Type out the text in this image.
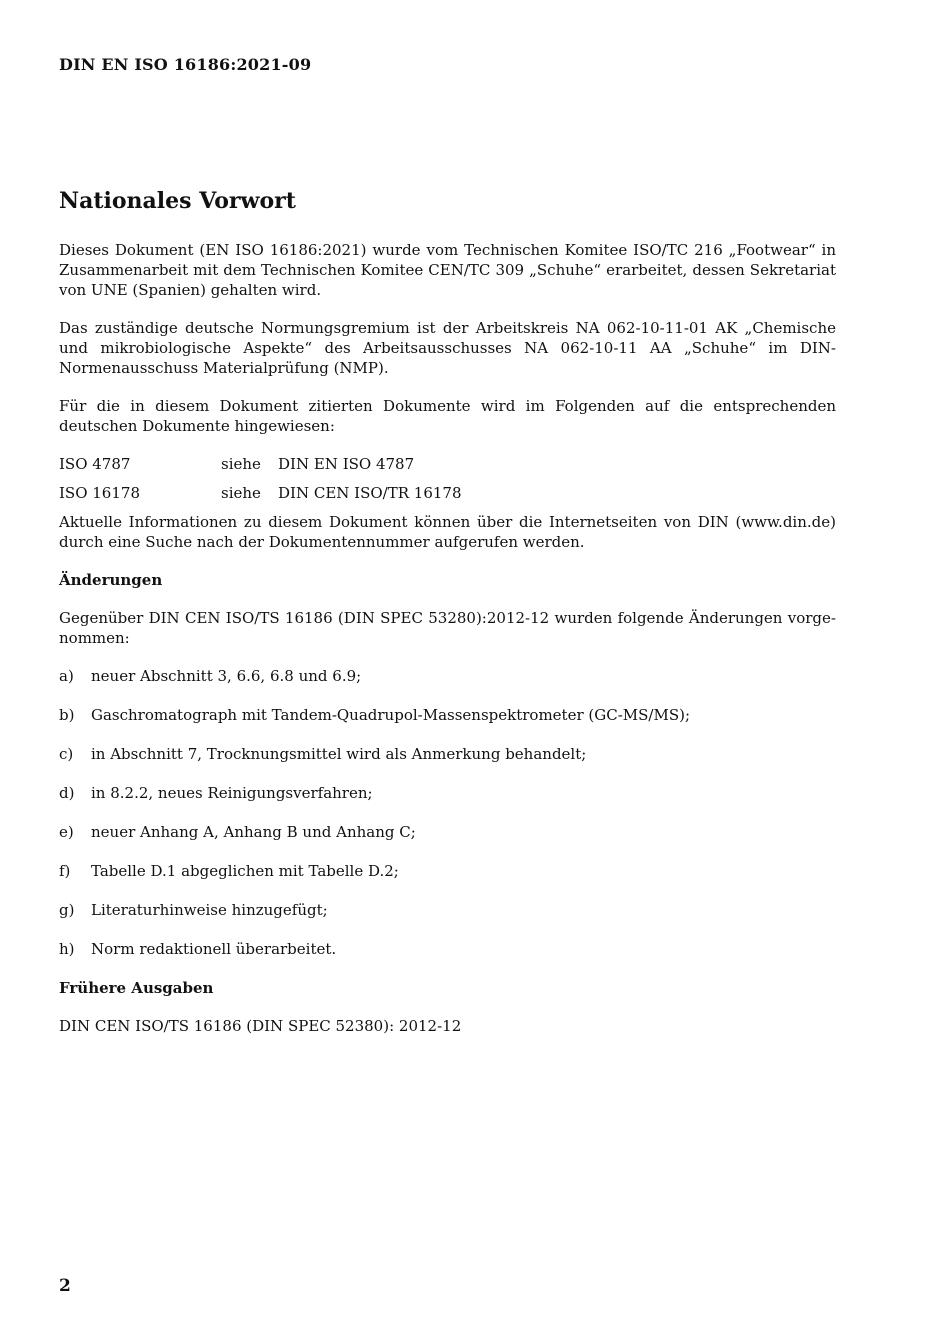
DIN EN ISO 16186:2021-09
Nationales Vorwort

Dieses Dokument (EN ISO 16186:2021) wurde vom Technischen Komitee ISO/TC 216 „Footwear“ in Zusammenarbeit mit dem Technischen Komitee CEN/TC 309 „Schuhe“ erarbeitet, dessen Sekretariat von UNE (Spanien) gehalten wird.

Das zuständige deutsche Normungsgremium ist der Arbeitskreis NA 062-10-11-01 AK „Chemische und mikrobiologische Aspekte“ des Arbeitsausschusses NA 062-10-11 AA „Schuhe“ im DIN-Normenausschuss Materialprüfung (NMP).

Für die in diesem Dokument zitierten Dokumente wird im Folgenden auf die entsprechenden deutschen Dokumente hingewiesen:

ISO 4787	siehe	DIN EN ISO 4787
ISO 16178	siehe	DIN CEN ISO/TR 16178

Aktuelle Informationen zu diesem Dokument können über die Internetseiten von DIN (www.din.de) durch eine Suche nach der Dokumentennummer aufgerufen werden.

Änderungen

Gegenüber DIN CEN ISO/TS 16186 (DIN SPEC 53280):2012-12 wurden folgende Änderungen vorgenommen:

a)	neuer Abschnitt 3, 6.6, 6.8 und 6.9;
b)	Gaschromatograph mit Tandem-Quadrupol-Massenspektrometer (GC-MS/MS);
c)	in Abschnitt 7, Trocknungsmittel wird als Anmerkung behandelt;
d)	in 8.2.2, neues Reinigungsverfahren;
e)	neuer Anhang A, Anhang B und Anhang C;
f)	Tabelle D.1 abgeglichen mit Tabelle D.2;
g)	Literaturhinweise hinzugefügt;
h)	Norm redaktionell überarbeitet.

Frühere Ausgaben

DIN CEN ISO/TS 16186 (DIN SPEC 52380): 2012-12

2
